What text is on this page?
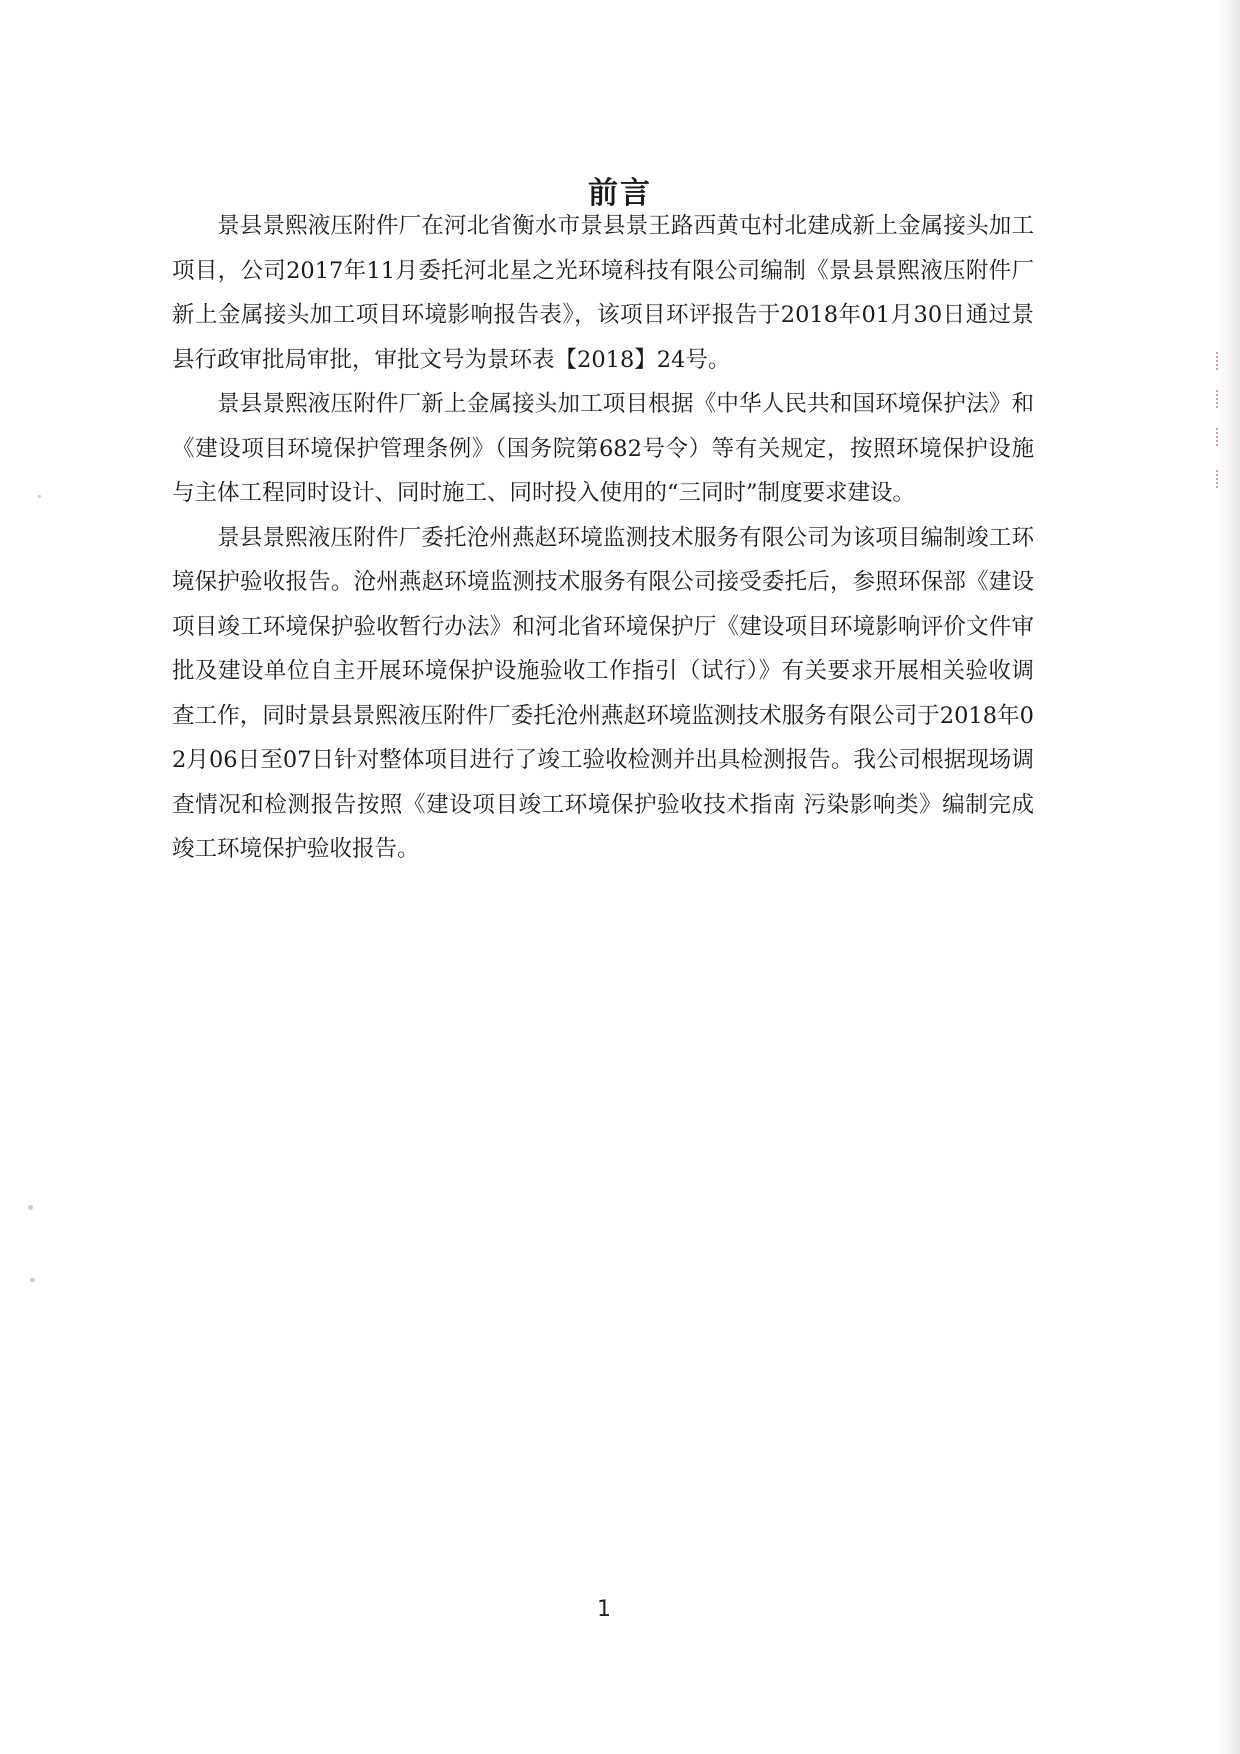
前言

景县景熙液压附件厂在河北省衡水市景县景王路西黄屯村北建成新上金属接头加工项目，公司2017年11月委托河北星之光环境科技有限公司编制《景县景熙液压附件厂新上金属接头加工项目环境影响报告表》，该项目环评报告于2018年01月30日通过景县行政审批局审批，审批文号为景环表【2018】24号。

景县景熙液压附件厂新上金属接头加工项目根据《中华人民共和国环境保护法》和《建设项目环境保护管理条例》（国务院第682号令）等有关规定，按照环境保护设施与主体工程同时设计、同时施工、同时投入使用的“三同时”制度要求建设。

景县景熙液压附件厂委托沧州燕赵环境监测技术服务有限公司为该项目编制竣工环境保护验收报告。沧州燕赵环境监测技术服务有限公司接受委托后，参照环保部《建设项目竣工环境保护验收暂行办法》和河北省环境保护厅《建设项目环境影响评价文件审批及建设单位自主开展环境保护设施验收工作指引（试行）》有关要求开展相关验收调查工作，同时景县景熙液压附件厂委托沧州燕赵环境监测技术服务有限公司于2018年02月06日至07日针对整体项目进行了竣工验收检测并出具检测报告。我公司根据现场调查情况和检测报告按照《建设项目竣工环境保护验收技术指南 污染影响类》编制完成竣工环境保护验收报告。

1
